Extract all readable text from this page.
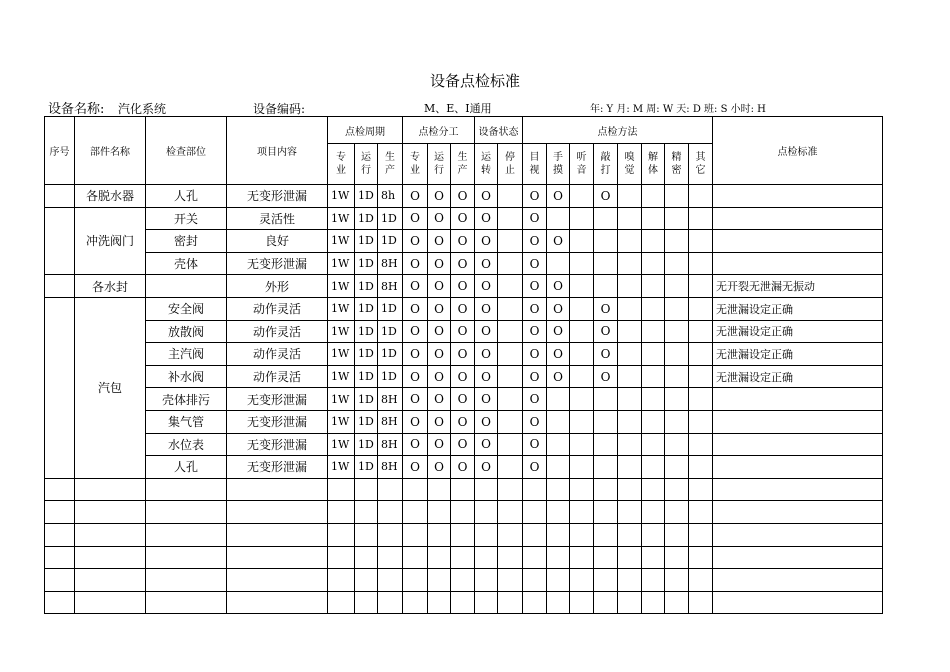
设备点检标准
设备名称: 汽化系统	设备编码:	M、E、I通用	年: Y 月: M 周: W 天: D 班: S 小时: H
序号	部件名称	检查部位	项目内容	点检周期			点检分工			设备状态		点检方法								点检标准

				专业	运行	生产	专业	运行	生产	运转	停止	目视	手摸	听音	敲打	嗅觉	解体	精密	其它	

	各脱水器	人孔	无变形泄漏	1W	1D	8h	O	O	O	O		O	O		O					
	冲洗阀门	开关	灵活性	1W	1D	1D	O	O	O	O		O								
		密封	良好	1W	1D	1D	O	O	O	O		O	O							
		壳体	无变形泄漏	1W	1D	8H	O	O	O	O		O								
	各水封		外形	1W	1D	8H	O	O	O	O		O	O							无开裂无泄漏无振动
	汽包	安全阀	动作灵活	1W	1D	1D	O	O	O	O		O	O		O					无泄漏设定正确
		放散阀	动作灵活	1W	1D	1D	O	O	O	O		O	O		O					无泄漏设定正确
		主汽阀	动作灵活	1W	1D	1D	O	O	O	O		O	O		O					无泄漏设定正确
		补水阀	动作灵活	1W	1D	1D	O	O	O	O		O	O		O					无泄漏设定正确
		壳体排污	无变形泄漏	1W	1D	8H	O	O	O	O		O								
		集气管	无变形泄漏	1W	1D	8H	O	O	O	O		O								
		水位表	无变形泄漏	1W	1D	8H	O	O	O	O		O								
		人孔	无变形泄漏	1W	1D	8H	O	O	O	O		O								
